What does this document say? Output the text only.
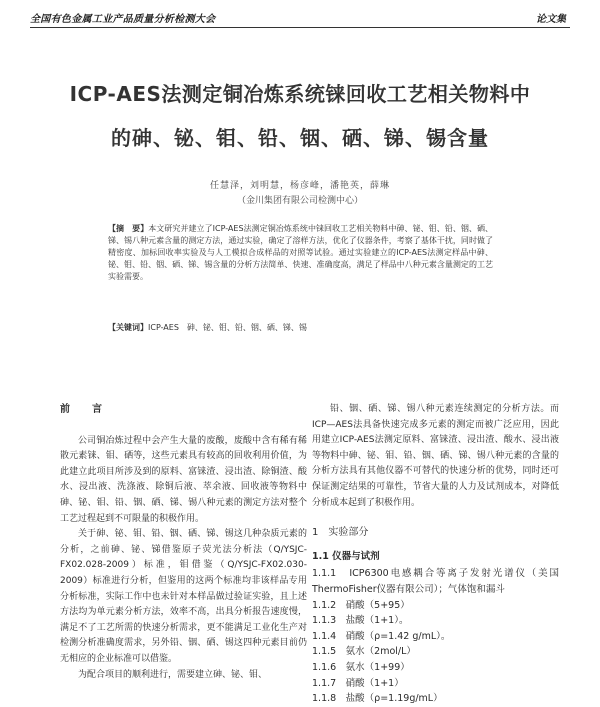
全国有色金属工业产品质量分析检测大会	论文集
ICP-AES法测定铜冶炼系统铼回收工艺相关物料中
的砷、铋、钼、铅、铟、硒、锑、锡含量
任慧泽，刘明慧，杨彦峰，潘艳英，薛琳
（金川集团有限公司检测中心）
【摘　要】本文研究并建立了ICP-AES法测定铜冶炼系统中铼回收工艺相关物料中砷、铋、钼、铅、铟、硒、锑、锡八种元素含量的测定方法，通过实验，确定了溶样方法，优化了仪器条件，考察了基体干扰，同时做了精密度、加标回收率实验及与人工模拟合成样品的对照等试验。通过实验建立的ICP-AES法测定样品中砷、铋、钼、铅、铟、硒、锑、锡含量的分析方法简单、快速、准确度高，满足了样品中八种元素含量测定的工艺实验需要。
【关键词】ICP-AES　砷、铋、钼、铅、铟、硒、锑、锡
前　言

公司铜冶炼过程中会产生大量的废酸，废酸中含有稀有稀散元素铼、钼、硒等，这些元素具有较高的回收利用价值，为此建立此项目所涉及到的原料、富铼渣、浸出渣、除铜渣、酸水、浸出液、洗涤液、除铜后液、萃余液、回收液等物料中砷、铋、钼、铅、铟、硒、锑、锡八种元素的测定方法对整个工艺过程起到不可限量的积极作用。

关于砷、铋、钼、铅、铟、硒、锑、锡这几种杂质元素的分析，之前砷、铋、锑借鉴原子荧光法分析法（Q/YSJC-FX02.028-2009）标准，钼借鉴（Q/YSJC-FX02.030-2009）标准进行分析，但鉴用的这两个标准均非该样品专用分析标准，实际工作中也未针对本样品做过验证实验，且上述方法均为单元素分析方法，效率不高，出具分析报告速度慢，满足不了工艺所需的快速分析需求，更不能满足工业化生产对检测分析准确度需求，另外铅、铟、硒、锡这四种元素目前仍无相应的企业标准可以借鉴。

为配合项目的顺利进行，需要建立砷、铋、钼、

铅、铟、硒、锑、锡八种元素连续测定的分析方法。而ICP—AES法具备快速完成多元素的测定而被广泛应用，因此用建立ICP-AES法测定原料、富铼渣、浸出渣、酸水、浸出液等物料中砷、铋、钼、铅、铟、硒、锑、锡八种元素的含量的分析方法具有其他仪器不可替代的快速分析的优势，同时还可保证测定结果的可靠性，节省大量的人力及试剂成本，对降低分析成本起到了积极作用。

1　实验部分
1.1 仪器与试剂

1.1.1　ICP6300电感耦合等离子发射光谱仪（美国ThermoFisher仪器有限公司）；气体饱和漏斗

1.1.2　硝酸（5+95）

1.1.3　盐酸（1+1）。

1.1.4　硝酸（ρ=1.42 g/mL）。

1.1.5　氨水（2mol/L）

1.1.6　氨水（1+99）

1.1.7　硝酸（1+1）

1.1.8　盐酸（ρ=1.19g/mL）
